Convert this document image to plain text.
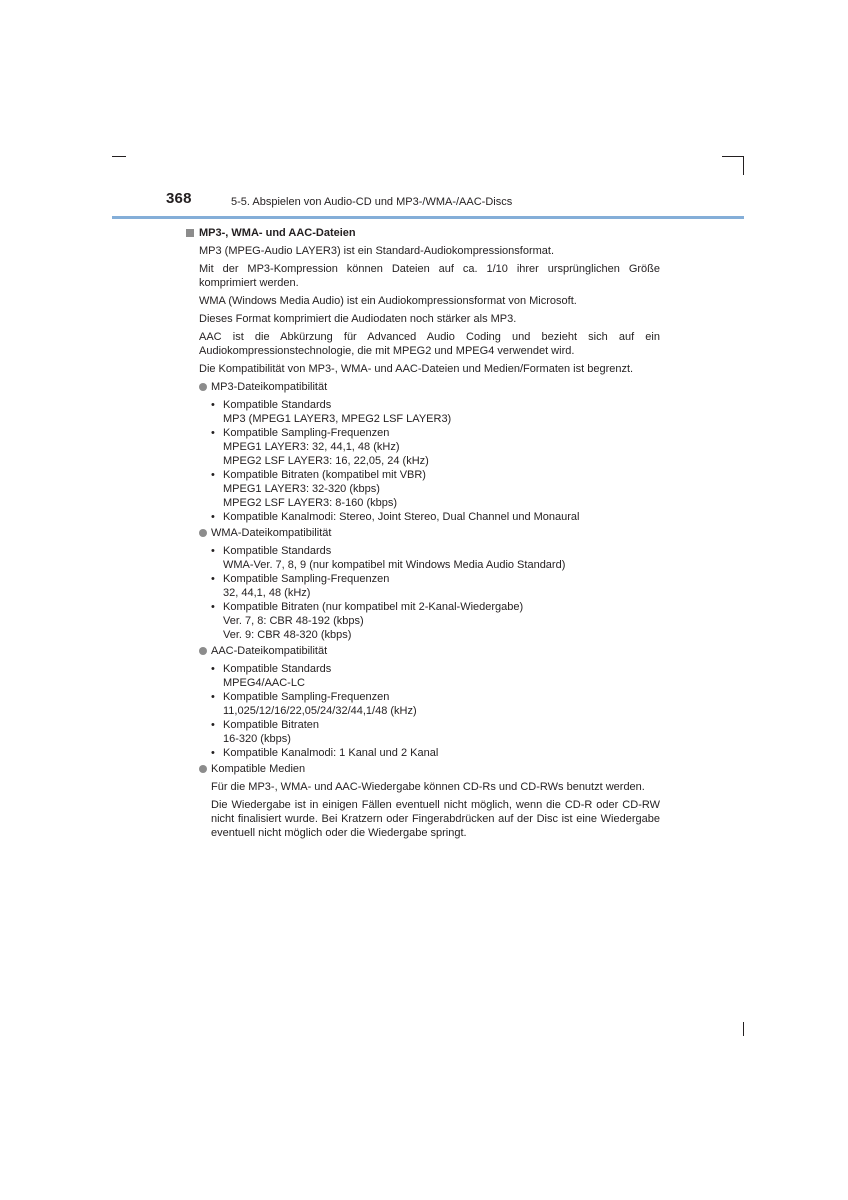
368	5-5. Abspielen von Audio-CD und MP3-/WMA-/AAC-Discs
MP3-, WMA- und AAC-Dateien

MP3 (MPEG-Audio LAYER3) ist ein Standard-Audiokompressionsformat.

Mit der MP3-Kompression können Dateien auf ca. 1/10 ihrer ursprünglichen Größe komprimiert werden.

WMA (Windows Media Audio) ist ein Audiokompressionsformat von Microsoft.

Dieses Format komprimiert die Audiodaten noch stärker als MP3.

AAC ist die Abkürzung für Advanced Audio Coding und bezieht sich auf ein Audiokompressionstechnologie, die mit MPEG2 und MPEG4 verwendet wird.

Die Kompatibilität von MP3-, WMA- und AAC-Dateien und Medien/Formaten ist begrenzt.

MP3-Dateikompatibilität
• Kompatible Standards
MP3 (MPEG1 LAYER3, MPEG2 LSF LAYER3)
• Kompatible Sampling-Frequenzen
MPEG1 LAYER3: 32, 44,1, 48 (kHz)
MPEG2 LSF LAYER3: 16, 22,05, 24 (kHz)
• Kompatible Bitraten (kompatibel mit VBR)
MPEG1 LAYER3: 32-320 (kbps)
MPEG2 LSF LAYER3: 8-160 (kbps)
• Kompatible Kanalmodi: Stereo, Joint Stereo, Dual Channel und Monaural
WMA-Dateikompatibilität
• Kompatible Standards
WMA-Ver. 7, 8, 9 (nur kompatibel mit Windows Media Audio Standard)
• Kompatible Sampling-Frequenzen
32, 44,1, 48 (kHz)
• Kompatible Bitraten (nur kompatibel mit 2-Kanal-Wiedergabe)
Ver. 7, 8: CBR 48-192 (kbps)
Ver. 9: CBR 48-320 (kbps)
AAC-Dateikompatibilität
• Kompatible Standards
MPEG4/AAC-LC
• Kompatible Sampling-Frequenzen
11,025/12/16/22,05/24/32/44,1/48 (kHz)
• Kompatible Bitraten
16-320 (kbps)
• Kompatible Kanalmodi: 1 Kanal und 2 Kanal
Kompatible Medien

Für die MP3-, WMA- und AAC-Wiedergabe können CD-Rs und CD-RWs benutzt werden.

Die Wiedergabe ist in einigen Fällen eventuell nicht möglich, wenn die CD-R oder CD-RW nicht finalisiert wurde. Bei Kratzern oder Fingerabdrücken auf der Disc ist eine Wiedergabe eventuell nicht möglich oder die Wiedergabe springt.
